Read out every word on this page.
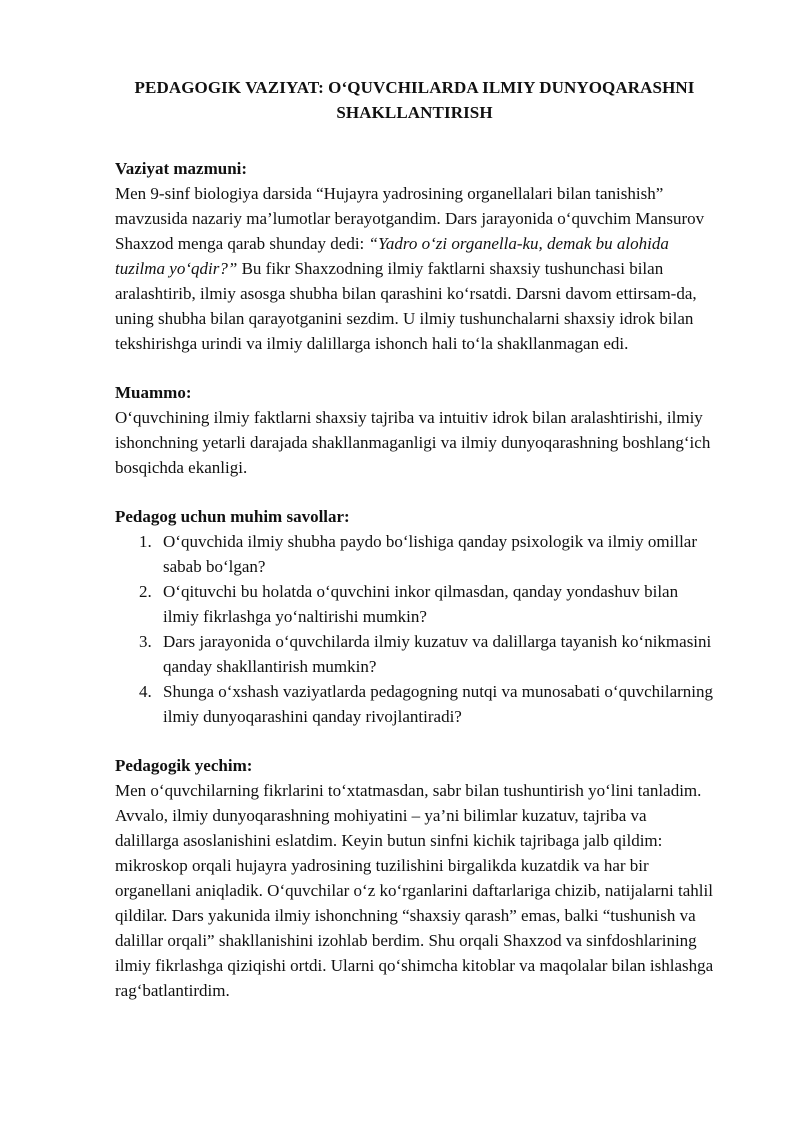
PEDAGOGIK VAZIYAT: O‘QUVCHILARDA ILMIY DUNYOQARASHNI SHAKLLANTIRISH
Vaziyat mazmuni:
Men 9-sinf biologiya darsida “Hujayra yadrosining organellalari bilan tanishish” mavzusida nazariy ma’lumotlar berayotgandim. Dars jarayonida o‘quvchim Mansurov Shaxzod menga qarab shunday dedi: “Yadro o‘zi organella-ku, demak bu alohida tuzilma yo‘qdir?” Bu fikr Shaxzodning ilmiy faktlarni shaxsiy tushunchasi bilan aralashtirib, ilmiy asosga shubha bilan qarashini ko‘rsatdi. Darsni davom ettirsam-da, uning shubha bilan qarayotganini sezdim. U ilmiy tushunchalarni shaxsiy idrok bilan tekshirishga urindi va ilmiy dalillarga ishonch hali to‘la shakllanmagan edi.
Muammo:
O‘quvchining ilmiy faktlarni shaxsiy tajriba va intuitiv idrok bilan aralashtirishi, ilmiy ishonchning yetarli darajada shakllanmaganligi va ilmiy dunyoqarashning boshlang‘ich bosqichda ekanligi.
Pedagog uchun muhim savollar:
1. O‘quvchida ilmiy shubha paydo bo‘lishiga qanday psixologik va ilmiy omillar sabab bo‘lgan?
2. O‘qituvchi bu holatda o‘quvchini inkor qilmasdan, qanday yondashuv bilan ilmiy fikrlashga yo‘naltirishi mumkin?
3. Dars jarayonida o‘quvchilarda ilmiy kuzatuv va dalillarga tayanish ko‘nikmasini qanday shakllantirish mumkin?
4. Shunga o‘xshash vaziyatlarda pedagogning nutqi va munosabati o‘quvchilarning ilmiy dunyoqarashini qanday rivojlantiradi?
Pedagogik yechim:
Men o‘quvchilarning fikrlarini to‘xtatmasdan, sabr bilan tushuntirish yo‘lini tanladim. Avvalo, ilmiy dunyoqarashning mohiyatini – ya’ni bilimlar kuzatuv, tajriba va dalillarga asoslanishini eslatdim. Keyin butun sinfni kichik tajribaga jalb qildim: mikroskop orqali hujayra yadrosining tuzilishini birgalikda kuzatdik va har bir organellani aniqladik. O‘quvchilar o‘z ko‘rganlarini daftarlariga chizib, natijalarni tahlil qildilar. Dars yakunida ilmiy ishonchning “shaxsiy qarash” emas, balki “tushunish va dalillar orqali” shakllanishini izohlab berdim. Shu orqali Shaxzod va sinfdoshlarining ilmiy fikrlashga qiziqishi ortdi. Ularni qo‘shimcha kitoblar va maqolalar bilan ishlashga rag‘batlantirdim.
